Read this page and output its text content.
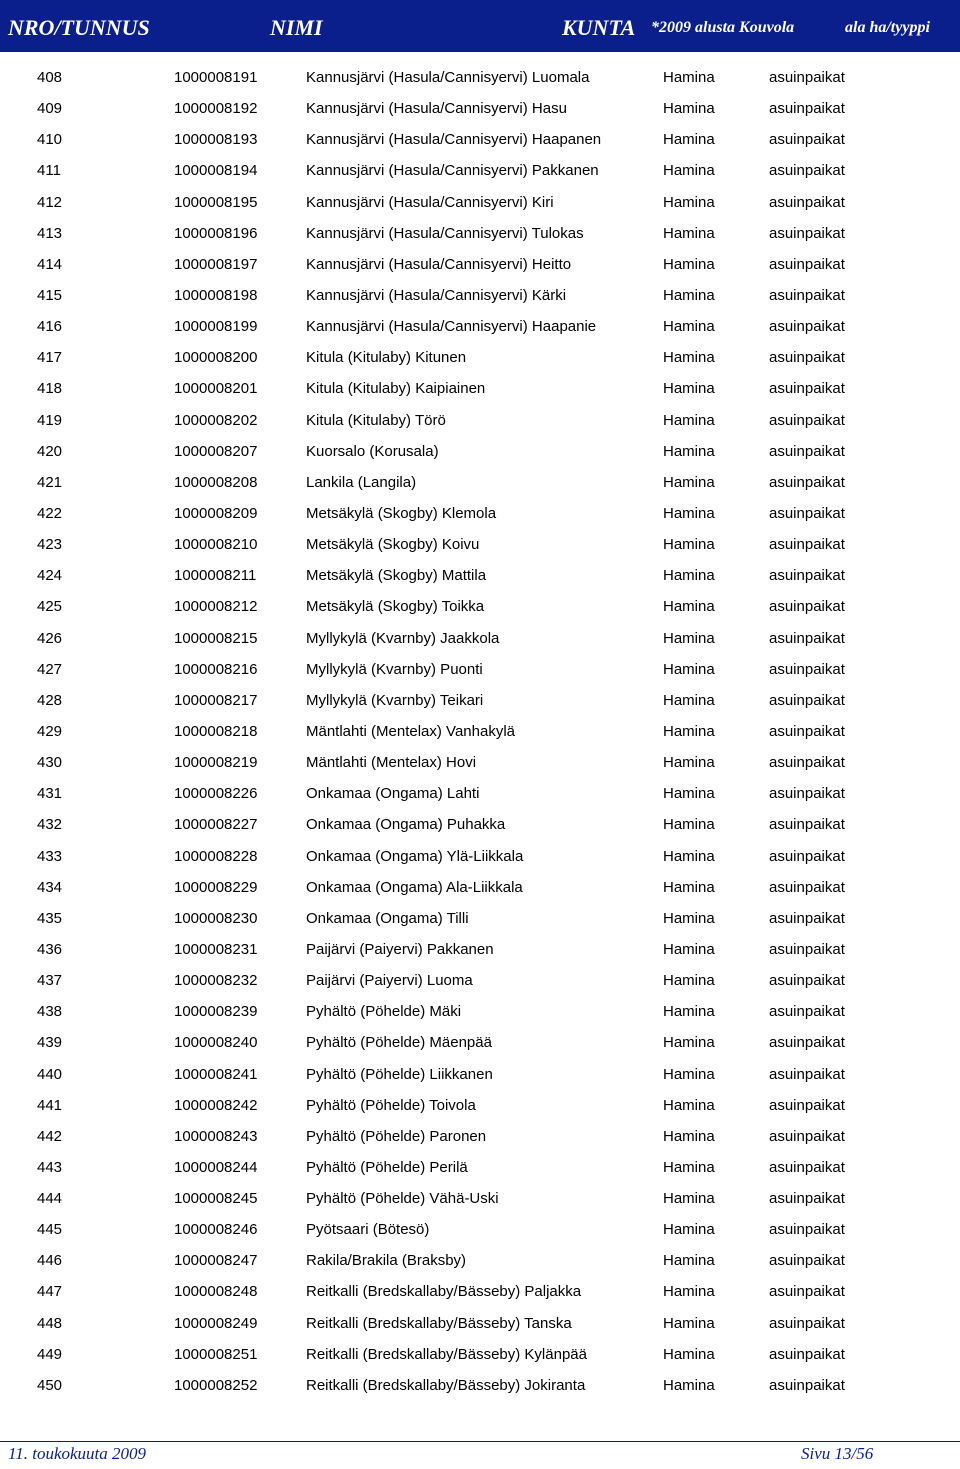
NRO/TUNNUS	NIMI	KUNTA *2009 alusta Kouvola	ala ha/tyyppi
408	1000008191	Kannusjärvi (Hasula/Cannisyervi) Luomala	Hamina	asuinpaikat
409	1000008192	Kannusjärvi (Hasula/Cannisyervi) Hasu	Hamina	asuinpaikat
410	1000008193	Kannusjärvi (Hasula/Cannisyervi) Haapanen	Hamina	asuinpaikat
411	1000008194	Kannusjärvi (Hasula/Cannisyervi) Pakkanen	Hamina	asuinpaikat
412	1000008195	Kannusjärvi (Hasula/Cannisyervi) Kiri	Hamina	asuinpaikat
413	1000008196	Kannusjärvi (Hasula/Cannisyervi) Tulokas	Hamina	asuinpaikat
414	1000008197	Kannusjärvi (Hasula/Cannisyervi) Heitto	Hamina	asuinpaikat
415	1000008198	Kannusjärvi (Hasula/Cannisyervi) Kärki	Hamina	asuinpaikat
416	1000008199	Kannusjärvi (Hasula/Cannisyervi) Haapanie	Hamina	asuinpaikat
417	1000008200	Kitula (Kitulaby) Kitunen	Hamina	asuinpaikat
418	1000008201	Kitula (Kitulaby) Kaipiainen	Hamina	asuinpaikat
419	1000008202	Kitula (Kitulaby) Törö	Hamina	asuinpaikat
420	1000008207	Kuorsalo (Korusala)	Hamina	asuinpaikat
421	1000008208	Lankila (Langila)	Hamina	asuinpaikat
422	1000008209	Metsäkylä (Skogby) Klemola	Hamina	asuinpaikat
423	1000008210	Metsäkylä (Skogby) Koivu	Hamina	asuinpaikat
424	1000008211	Metsäkylä (Skogby) Mattila	Hamina	asuinpaikat
425	1000008212	Metsäkylä (Skogby) Toikka	Hamina	asuinpaikat
426	1000008215	Myllykylä (Kvarnby) Jaakkola	Hamina	asuinpaikat
427	1000008216	Myllykylä (Kvarnby) Puonti	Hamina	asuinpaikat
428	1000008217	Myllykylä (Kvarnby) Teikari	Hamina	asuinpaikat
429	1000008218	Mäntlahti (Mentelax) Vanhakylä	Hamina	asuinpaikat
430	1000008219	Mäntlahti (Mentelax) Hovi	Hamina	asuinpaikat
431	1000008226	Onkamaa (Ongama) Lahti	Hamina	asuinpaikat
432	1000008227	Onkamaa (Ongama) Puhakka	Hamina	asuinpaikat
433	1000008228	Onkamaa (Ongama) Ylä-Liikkala	Hamina	asuinpaikat
434	1000008229	Onkamaa (Ongama) Ala-Liikkala	Hamina	asuinpaikat
435	1000008230	Onkamaa (Ongama) Tilli	Hamina	asuinpaikat
436	1000008231	Paijärvi (Paiyervi) Pakkanen	Hamina	asuinpaikat
437	1000008232	Paijärvi (Paiyervi) Luoma	Hamina	asuinpaikat
438	1000008239	Pyhältö (Pöhelde) Mäki	Hamina	asuinpaikat
439	1000008240	Pyhältö (Pöhelde) Mäenpää	Hamina	asuinpaikat
440	1000008241	Pyhältö (Pöhelde) Liikkanen	Hamina	asuinpaikat
441	1000008242	Pyhältö (Pöhelde) Toivola	Hamina	asuinpaikat
442	1000008243	Pyhältö (Pöhelde) Paronen	Hamina	asuinpaikat
443	1000008244	Pyhältö (Pöhelde) Perilä	Hamina	asuinpaikat
444	1000008245	Pyhältö (Pöhelde) Vähä-Uski	Hamina	asuinpaikat
445	1000008246	Pyötsaari (Bötesö)	Hamina	asuinpaikat
446	1000008247	Rakila/Brakila (Braksby)	Hamina	asuinpaikat
447	1000008248	Reitkalli (Bredskallaby/Bässeby) Paljakka	Hamina	asuinpaikat
448	1000008249	Reitkalli (Bredskallaby/Bässeby) Tanska	Hamina	asuinpaikat
449	1000008251	Reitkalli (Bredskallaby/Bässeby) Kylänpää	Hamina	asuinpaikat
450	1000008252	Reitkalli (Bredskallaby/Bässeby) Jokiranta	Hamina	asuinpaikat
11. toukokuuta 2009	Sivu 13/56
